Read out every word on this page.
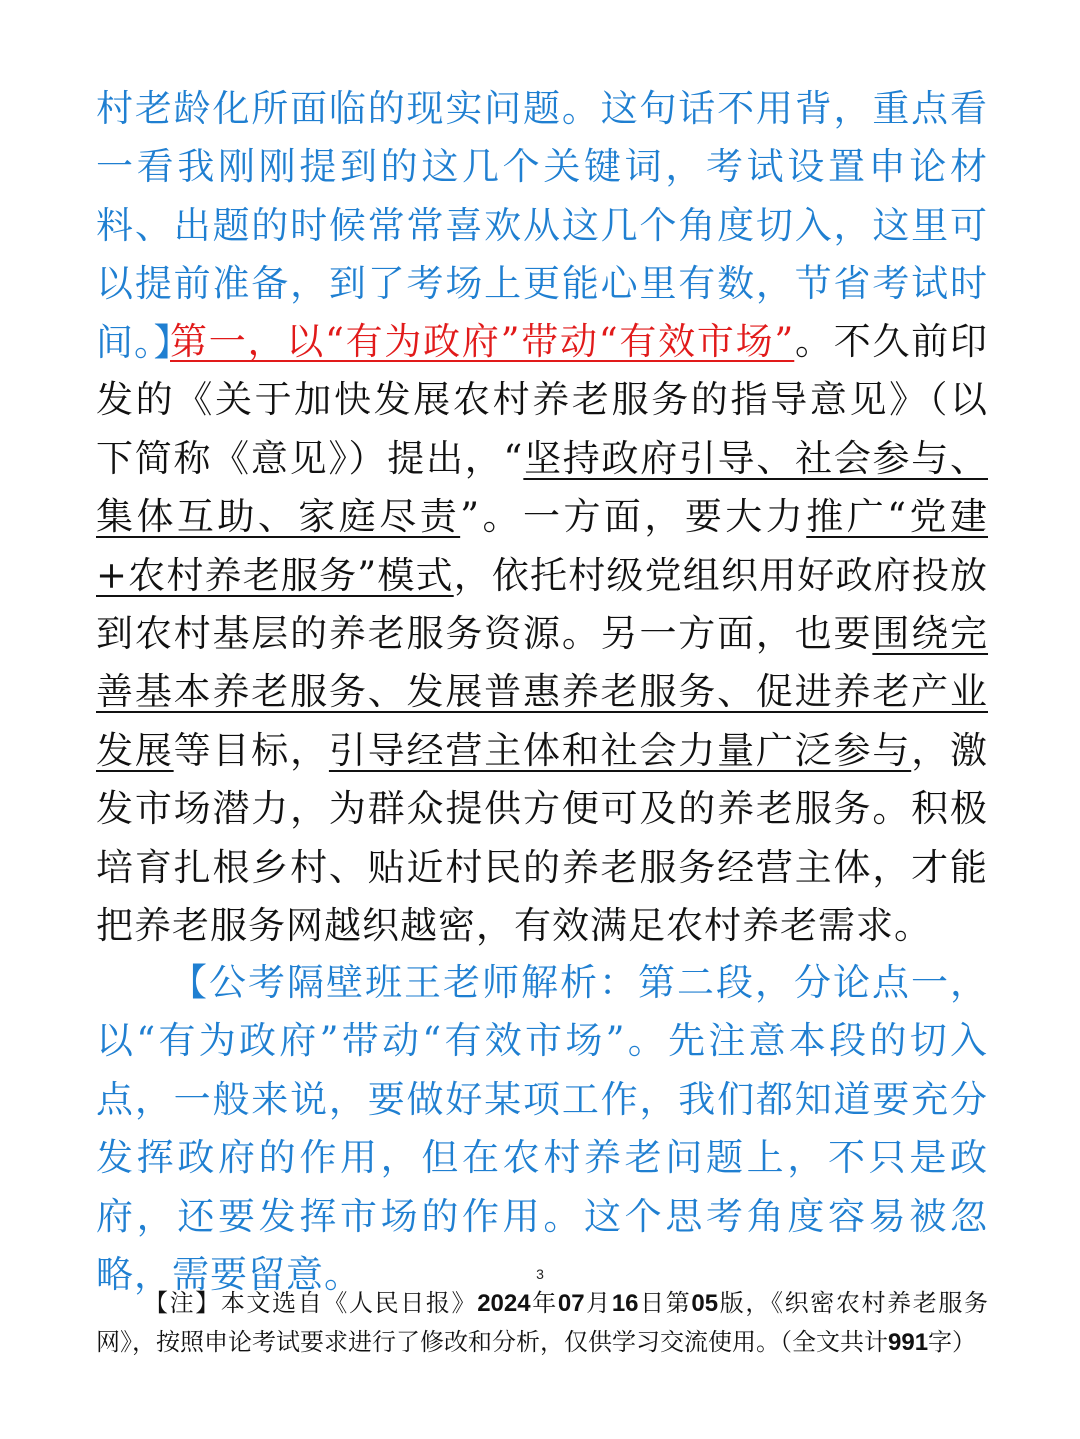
村老龄化所面临的现实问题。这句话不用背，重点看一看我刚刚提到的这几个关键词，考试设置申论材料、出题的时候常常喜欢从这几个角度切入，这里可以提前准备，到了考场上更能心里有数，节省考试时间。】
第一，以“有为政府”带动“有效市场”。不久前印发的《关于加快发展农村养老服务的指导意见》（以下简称《意见》）提出，“坚持政府引导、社会参与、集体互助、家庭尽责”。一方面，要大力推广“党建+农村养老服务”模式，依托村级党组织用好政府投放到农村基层的养老服务资源。另一方面，也要围绕完善基本养老服务、发展普惠养老服务、促进养老产业发展等目标，引导经营主体和社会力量广泛参与，激发市场潜力，为群众提供方便可及的养老服务。积极培育扎根乡村、贴近村民的养老服务经营主体，才能把养老服务网越织越密，有效满足农村养老需求。
【公考隔壁班王老师解析：第二段，分论点一，以“有为政府”带动“有效市场”。先注意本段的切入点，一般来说，要做好某项工作，我们都知道要充分发挥政府的作用，但在农村养老问题上，不只是政府，还要发挥市场的作用。这个思考角度容易被忽略，需要留意。	3
【注】本文选自《人民日报》2024年07月16日第05版，《织密农村养老服务网》，按照申论考试要求进行了修改和分析，仅供学习交流使用。（全文共计991字）
